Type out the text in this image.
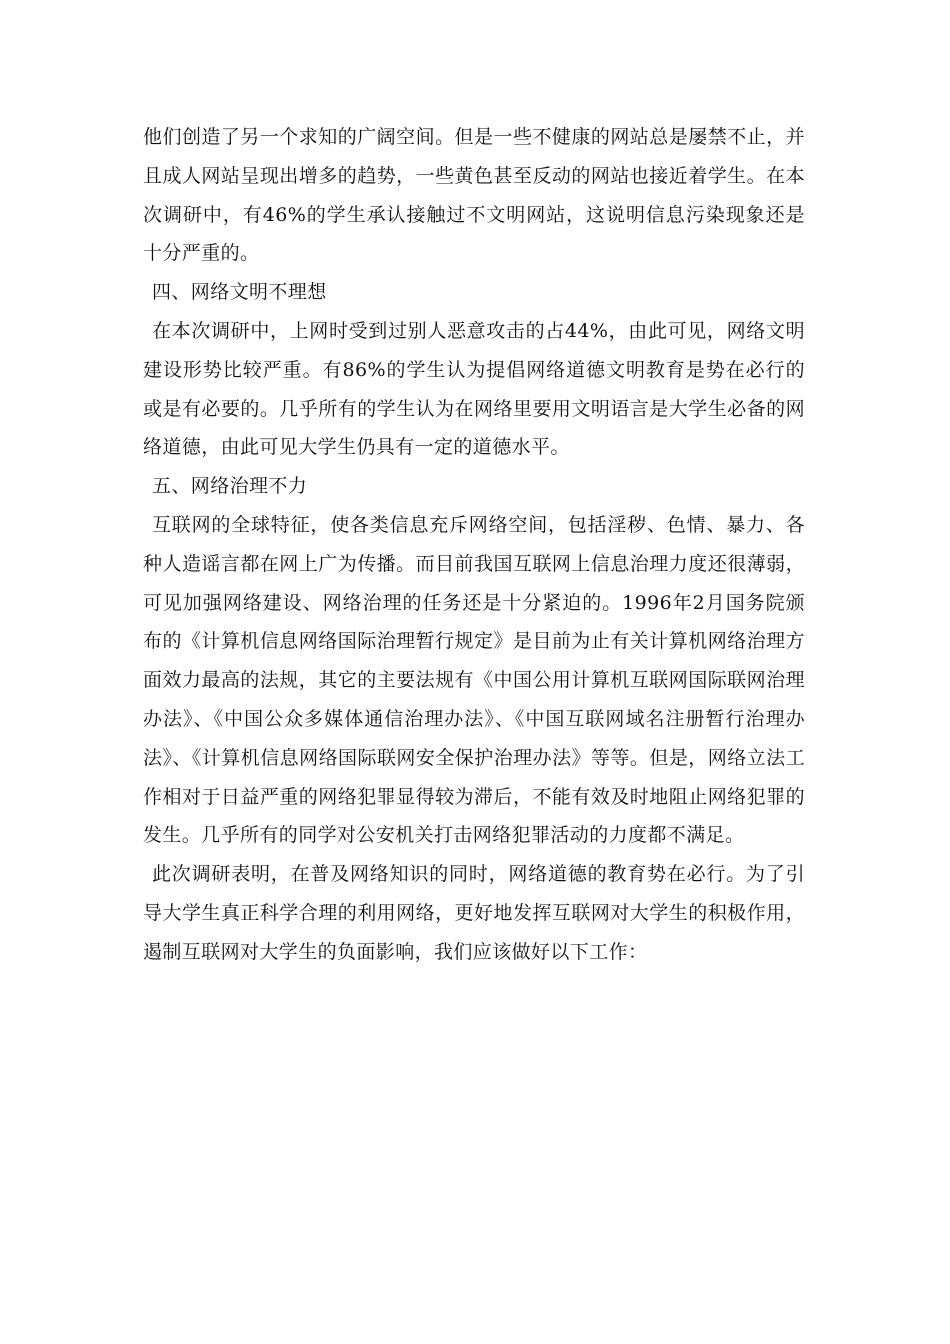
他们创造了另一个求知的广阔空间。但是一些不健康的网站总是屡禁不止，并且成人网站呈现出增多的趋势，一些黄色甚至反动的网站也接近着学生。在本次调研中，有46%的学生承认接触过不文明网站，这说明信息污染现象还是十分严重的。

四、网络文明不理想

在本次调研中，上网时受到过别人恶意攻击的占44%，由此可见，网络文明建设形势比较严重。有86%的学生认为提倡网络道德文明教育是势在必行的或是有必要的。几乎所有的学生认为在网络里要用文明语言是大学生必备的网络道德，由此可见大学生仍具有一定的道德水平。

五、网络治理不力

互联网的全球特征，使各类信息充斥网络空间，包括淫秽、色情、暴力、各种人造谣言都在网上广为传播。而目前我国互联网上信息治理力度还很薄弱，可见加强网络建设、网络治理的任务还是十分紧迫的。1996年2月国务院颁布的《计算机信息网络国际治理暂行规定》是目前为止有关计算机网络治理方面效力最高的法规，其它的主要法规有《中国公用计算机互联网国际联网治理办法》、《中国公众多媒体通信治理办法》、《中国互联网域名注册暂行治理办法》、《计算机信息网络国际联网安全保护治理办法》等等。但是，网络立法工作相对于日益严重的网络犯罪显得较为滞后，不能有效及时地阻止网络犯罪的发生。几乎所有的同学对公安机关打击网络犯罪活动的力度都不满足。

此次调研表明，在普及网络知识的同时，网络道德的教育势在必行。为了引导大学生真正科学合理的利用网络，更好地发挥互联网对大学生的积极作用，遏制互联网对大学生的负面影响，我们应该做好以下工作：
